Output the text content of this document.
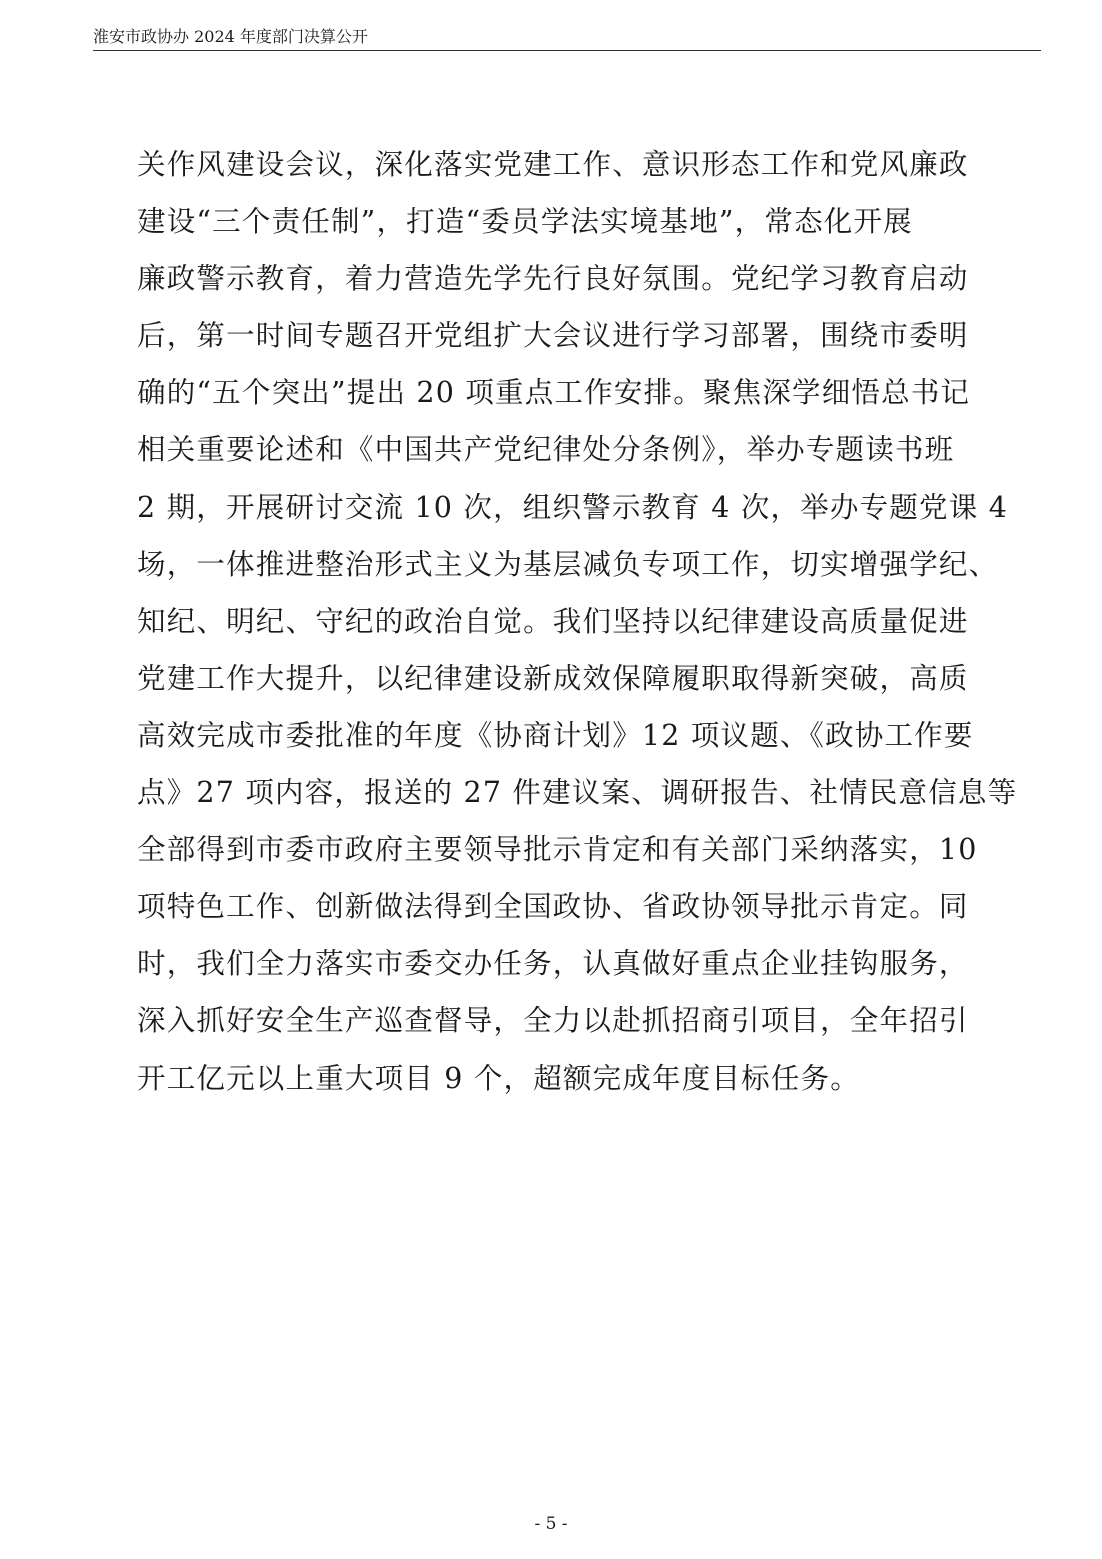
淮安市政协办 2024 年度部门决算公开
关作风建设会议，深化落实党建工作、意识形态工作和党风廉政
建设“三个责任制”，打造“委员学法实境基地”，常态化开展
廉政警示教育，着力营造先学先行良好氛围。党纪学习教育启动
后，第一时间专题召开党组扩大会议进行学习部署，围绕市委明
确的“五个突出”提出 20 项重点工作安排。聚焦深学细悟总书记
相关重要论述和《中国共产党纪律处分条例》，举办专题读书班
2 期，开展研讨交流 10 次，组织警示教育 4 次，举办专题党课 4
场，一体推进整治形式主义为基层减负专项工作，切实增强学纪、
知纪、明纪、守纪的政治自觉。我们坚持以纪律建设高质量促进
党建工作大提升，以纪律建设新成效保障履职取得新突破，高质
高效完成市委批准的年度《协商计划》12 项议题、《政协工作要
点》27 项内容，报送的 27 件建议案、调研报告、社情民意信息等
全部得到市委市政府主要领导批示肯定和有关部门采纳落实，10
项特色工作、创新做法得到全国政协、省政协领导批示肯定。同
时，我们全力落实市委交办任务，认真做好重点企业挂钩服务，
深入抓好安全生产巡查督导，全力以赴抓招商引项目，全年招引
开工亿元以上重大项目 9 个，超额完成年度目标任务。
- 5 -
